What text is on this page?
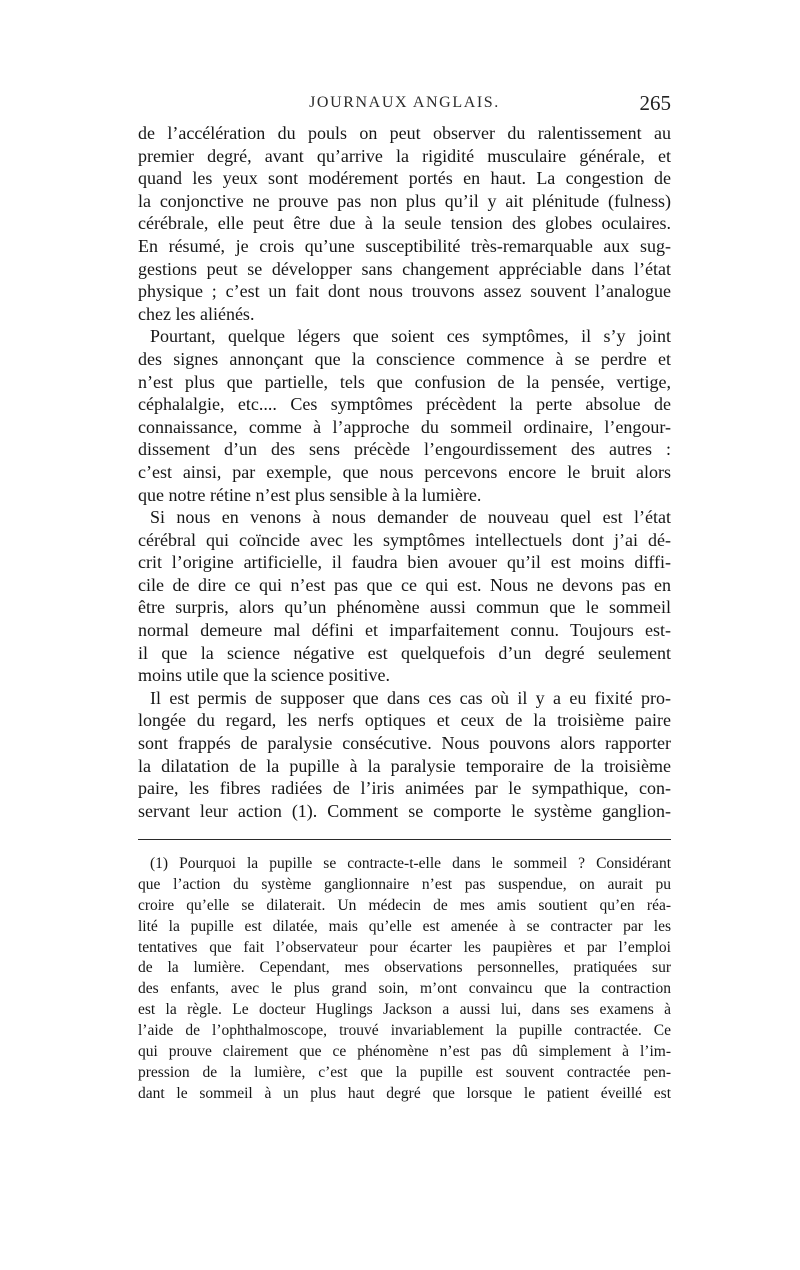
JOURNAUX ANGLAIS.	265
de l’accélération du pouls on peut observer du ralentissement au
premier degré, avant qu’arrive la rigidité musculaire générale, et
quand les yeux sont modérement portés en haut. La congestion de
la conjonctive ne prouve pas non plus qu’il y ait plénitude (fulness)
cérébrale, elle peut être due à la seule tension des globes oculaires.
En résumé, je crois qu’une susceptibilité très-remarquable aux sug-
gestions peut se développer sans changement appréciable dans l’état
physique ; c’est un fait dont nous trouvons assez souvent l’analogue
chez les aliénés.
Pourtant, quelque légers que soient ces symptômes, il s’y joint
des signes annonçant que la conscience commence à se perdre et
n’est plus que partielle, tels que confusion de la pensée, vertige,
céphalalgie, etc.... Ces symptômes précèdent la perte absolue de
connaissance, comme à l’approche du sommeil ordinaire, l’engour-
dissement d’un des sens précède l’engourdissement des autres :
c’est ainsi, par exemple, que nous percevons encore le bruit alors
que notre rétine n’est plus sensible à la lumière.
Si nous en venons à nous demander de nouveau quel est l’état
cérébral qui coïncide avec les symptômes intellectuels dont j’ai dé-
crit l’origine artificielle, il faudra bien avouer qu’il est moins diffi-
cile de dire ce qui n’est pas que ce qui est. Nous ne devons pas en
être surpris, alors qu’un phénomène aussi commun que le sommeil
normal demeure mal défini et imparfaitement connu. Toujours est-
il que la science négative est quelquefois d’un degré seulement
moins utile que la science positive.
Il est permis de supposer que dans ces cas où il y a eu fixité pro-
longée du regard, les nerfs optiques et ceux de la troisième paire
sont frappés de paralysie consécutive. Nous pouvons alors rapporter
la dilatation de la pupille à la paralysie temporaire de la troisième
paire, les fibres radiées de l’iris animées par le sympathique, con-
servant leur action (1). Comment se comporte le système ganglion-
(1) Pourquoi la pupille se contracte-t-elle dans le sommeil ? Considérant
que l’action du système ganglionnaire n’est pas suspendue, on aurait pu
croire qu’elle se dilaterait. Un médecin de mes amis soutient qu’en réa-
lité la pupille est dilatée, mais qu’elle est amenée à se contracter par les
tentatives que fait l’observateur pour écarter les paupières et par l’emploi
de la lumière. Cependant, mes observations personnelles, pratiquées sur
des enfants, avec le plus grand soin, m’ont convaincu que la contraction
est la règle. Le docteur Huglings Jackson a aussi lui, dans ses examens à
l’aide de l’ophthalmoscope, trouvé invariablement la pupille contractée. Ce
qui prouve clairement que ce phénomène n’est pas dû simplement à l’im-
pression de la lumière, c’est que la pupille est souvent contractée pen-
dant le sommeil à un plus haut degré que lorsque le patient éveillé est
